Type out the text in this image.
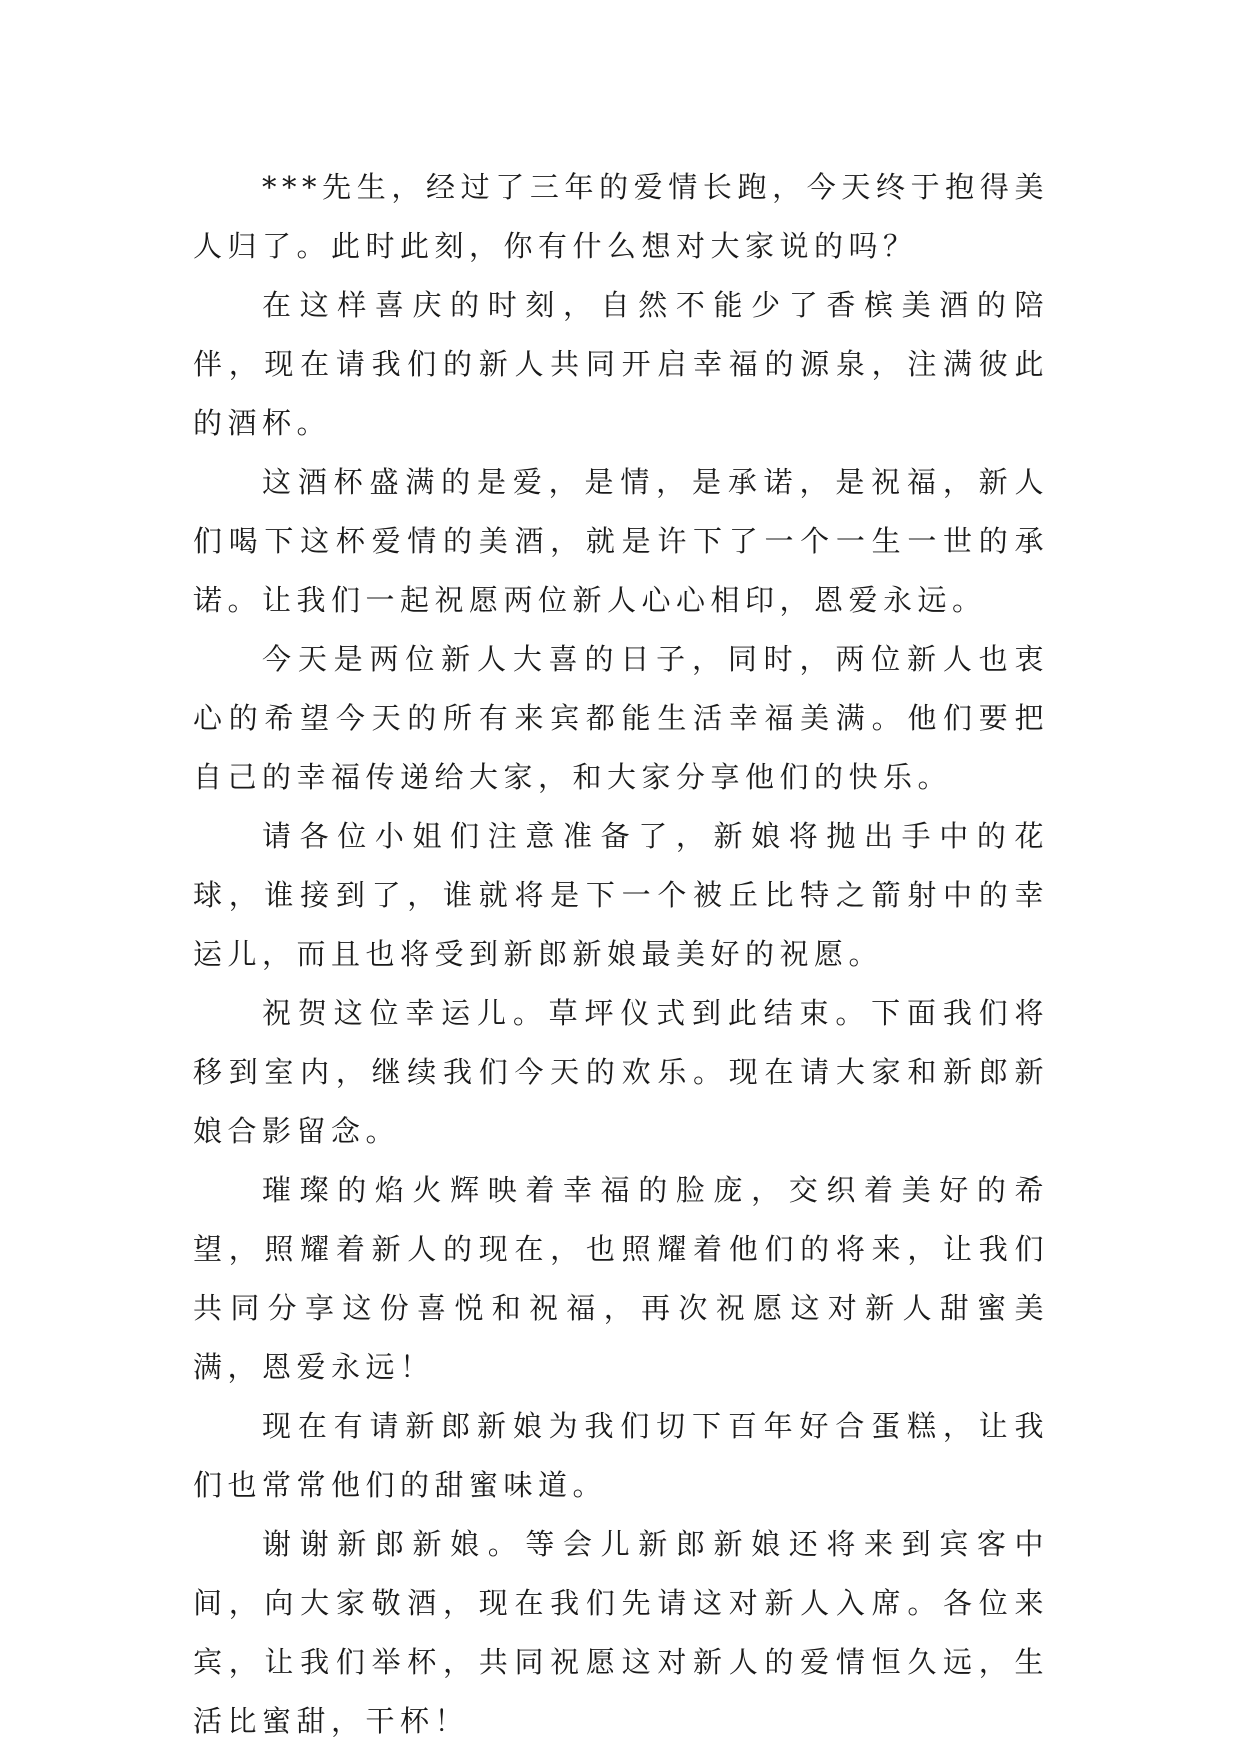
***先生，经过了三年的爱情长跑，今天终于抱得美人归了。此时此刻，你有什么想对大家说的吗？

在这样喜庆的时刻，自然不能少了香槟美酒的陪伴，现在请我们的新人共同开启幸福的源泉，注满彼此的酒杯。

这酒杯盛满的是爱，是情，是承诺，是祝福，新人们喝下这杯爱情的美酒，就是许下了一个一生一世的承诺。让我们一起祝愿两位新人心心相印，恩爱永远。

今天是两位新人大喜的日子，同时，两位新人也衷心的希望今天的所有来宾都能生活幸福美满。他们要把自己的幸福传递给大家，和大家分享他们的快乐。

请各位小姐们注意准备了，新娘将抛出手中的花球，谁接到了，谁就将是下一个被丘比特之箭射中的幸运儿，而且也将受到新郎新娘最美好的祝愿。

祝贺这位幸运儿。草坪仪式到此结束。下面我们将移到室内，继续我们今天的欢乐。现在请大家和新郎新娘合影留念。

璀璨的焰火辉映着幸福的脸庞，交织着美好的希望，照耀着新人的现在，也照耀着他们的将来，让我们共同分享这份喜悦和祝福，再次祝愿这对新人甜蜜美满，恩爱永远！

现在有请新郎新娘为我们切下百年好合蛋糕，让我们也常常他们的甜蜜味道。

谢谢新郎新娘。等会儿新郎新娘还将来到宾客中间，向大家敬酒，现在我们先请这对新人入席。各位来宾，让我们举杯，共同祝愿这对新人的爱情恒久远，生活比蜜甜，干杯！
